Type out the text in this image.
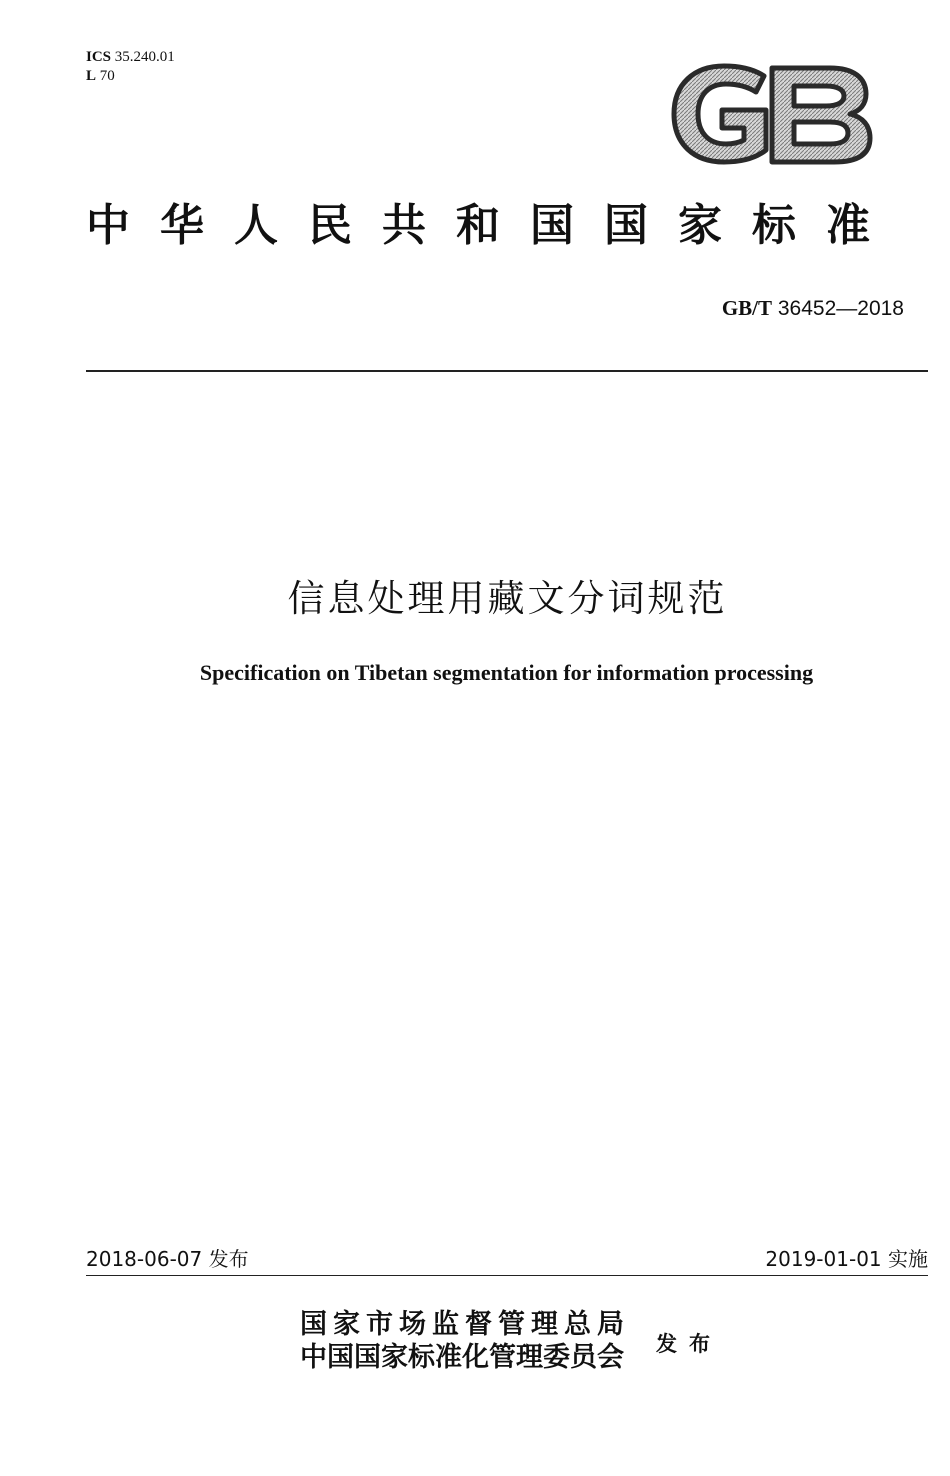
ICS 35.240.01
L 70
中华人民共和国国家标准
GB/T 36452—2018
信息处理用藏文分词规范
Specification on Tibetan segmentation for information processing
2018-06-07 发布	2019-01-01 实施
国家市场监督管理总局
中国国家标准化管理委员会 发布
